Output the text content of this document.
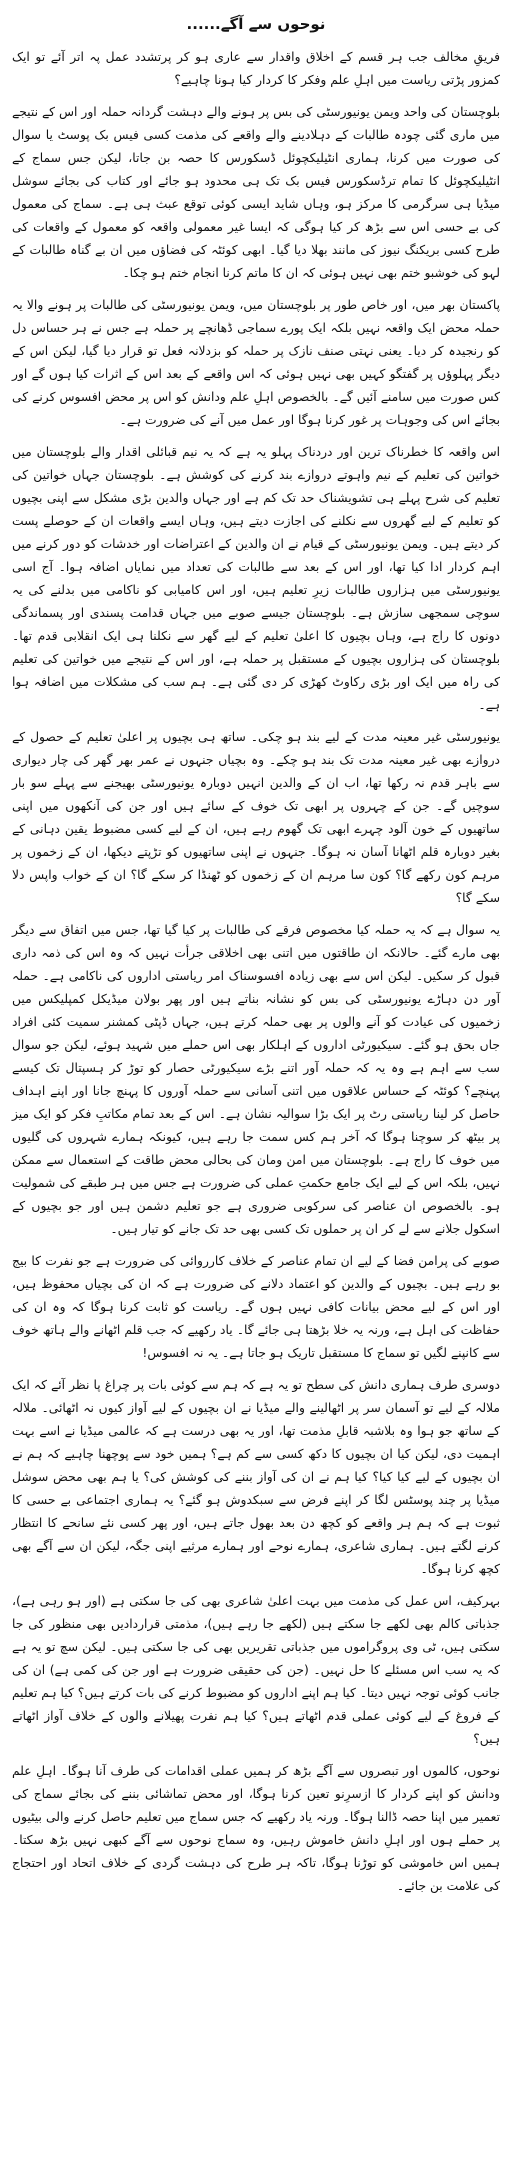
نوحوں سے آگے......

فریقِ مخالف جب ہر قسم کے اخلاق واقدار سے عاری ہو کر پرتشدد عمل پہ اتر آئے تو ایک کمزور پڑتی ریاست میں اہلِ علم وفکر کا کردار کیا ہونا چاہیے؟

بلوچستان کی واحد ویمن یونیورسٹی کی بس پر ہونے والے دہشت گردانہ حملہ اور اس کے نتیجے میں ماری گئی چودہ طالبات کے دہلادینے والے واقعے کی مذمت کسی فیس بک پوسٹ یا سوال کی صورت میں کرنا، ہماری انٹیلیکچوئل ڈسکورس کا حصہ بن جاتا، لیکن جس سماج کے انٹیلیکچوئل کا تمام ترڈسکورس فیس بک تک ہی محدود ہو جائے اور کتاب کی بجائے سوشل میڈیا ہی سرگرمی کا مرکز ہو، وہاں شاید ایسی کوئی توقع عبث ہی ہے۔ سماج کی معمول کی بے حسی اس سے بڑھ کر کیا ہوگی کہ ایسا غیر معمولی واقعہ کو معمول کے واقعات کی طرح کسی بریکنگ نیوز کی مانند بھلا دیا گیا۔ ابھی کوئٹہ کی فضاؤں میں ان بے گناہ طالبات کے لہو کی خوشبو ختم بھی نہیں ہوئی کہ ان کا ماتم کرنا انجام ختم ہو چکا۔

پاکستان بھر میں، اور خاص طور پر بلوچستان میں، ویمن یونیورسٹی کی طالبات پر ہونے والا یہ حملہ محض ایک واقعہ نہیں بلکہ ایک پورے سماجی ڈھانچے پر حملہ ہے جس نے ہر حساس دل کو رنجیدہ کر دیا۔ یعنی نہتی صنف نازک پر حملہ کو بزدلانہ فعل تو قرار دیا گیا، لیکن اس کے دیگر پہلوؤں پر گفتگو کہیں بھی نہیں ہوئی کہ اس واقعے کے بعد اس کے اثرات کیا ہوں گے اور کس صورت میں سامنے آئیں گے۔ بالخصوص اہلِ علم ودانش کو اس پر محض افسوس کرنے کی بجائے اس کی وجوہات پر غور کرنا ہوگا اور عمل میں آنے کی ضرورت ہے۔

اس واقعہ کا خطرناک ترین اور دردناک پہلو یہ ہے کہ یہ نیم قبائلی اقدار والے بلوچستان میں خواتین کی تعلیم کے نیم واہوتے دروازے بند کرنے کی کوشش ہے۔ بلوچستان جہاں خواتین کی تعلیم کی شرح پہلے ہی تشویشناک حد تک کم ہے اور جہاں والدین بڑی مشکل سے اپنی بچیوں کو تعلیم کے لیے گھروں سے نکلنے کی اجازت دیتے ہیں، وہاں ایسے واقعات ان کے حوصلے پست کر دیتے ہیں۔ ویمن یونیورسٹی کے قیام نے ان والدین کے اعتراضات اور خدشات کو دور کرنے میں اہم کردار ادا کیا تھا، اور اس کے بعد سے طالبات کی تعداد میں نمایاں اضافہ ہوا۔ آج اسی یونیورسٹی میں ہزاروں طالبات زیرِ تعلیم ہیں، اور اس کامیابی کو ناکامی میں بدلنے کی یہ سوچی سمجھی سازش ہے۔ بلوچستان جیسے صوبے میں جہاں قدامت پسندی اور پسماندگی دونوں کا راج ہے، وہاں بچیوں کا اعلیٰ تعلیم کے لیے گھر سے نکلنا ہی ایک انقلابی قدم تھا۔ بلوچستان کی ہزاروں بچیوں کے مستقبل پر حملہ ہے، اور اس کے نتیجے میں خواتین کی تعلیم کی راہ میں ایک اور بڑی رکاوٹ کھڑی کر دی گئی ہے۔ ہم سب کی مشکلات میں اضافہ ہوا ہے۔

یونیورسٹی غیر معینہ مدت کے لیے بند ہو چکی۔ ساتھ ہی بچیوں پر اعلیٰ تعلیم کے حصول کے دروازے بھی غیر معینہ مدت تک بند ہو چکے۔ وہ بچیاں جنہوں نے عمر بھر گھر کی چار دیواری سے باہر قدم نہ رکھا تھا، اب ان کے والدین انہیں دوبارہ یونیورسٹی بھیجنے سے پہلے سو بار سوچیں گے۔ جن کے چہروں پر ابھی تک خوف کے سائے ہیں اور جن کی آنکھوں میں اپنی ساتھیوں کے خون آلود چہرے ابھی تک گھوم رہے ہیں، ان کے لیے کسی مضبوط یقین دہانی کے بغیر دوبارہ قلم اٹھانا آسان نہ ہوگا۔ جنہوں نے اپنی ساتھیوں کو تڑپتے دیکھا، ان کے زخموں پر مرہم کون رکھے گا؟ کون سا مرہم ان کے زخموں کو ٹھنڈا کر سکے گا؟ ان کے خواب واپس دلا سکے گا؟

یہ سوال ہے کہ یہ حملہ کیا مخصوص فرقے کی طالبات پر کیا گیا تھا، جس میں اتفاق سے دیگر بھی مارے گئے۔ حالانکہ ان طاقتوں میں اتنی بھی اخلاقی جرأت نہیں کہ وہ اس کی ذمہ داری قبول کر سکیں۔ لیکن اس سے بھی زیادہ افسوسناک امر ریاستی اداروں کی ناکامی ہے۔ حملہ آور دن دہاڑے یونیورسٹی کی بس کو نشانہ بناتے ہیں اور پھر بولان میڈیکل کمپلیکس میں زخمیوں کی عیادت کو آنے والوں پر بھی حملہ کرتے ہیں، جہاں ڈپٹی کمشنر سمیت کئی افراد جاں بحق ہو گئے۔ سیکیورٹی اداروں کے اہلکار بھی اس حملے میں شہید ہوئے، لیکن جو سوال سب سے اہم ہے وہ یہ کہ حملہ آور اتنے بڑے سیکیورٹی حصار کو توڑ کر ہسپتال تک کیسے پہنچے؟ کوئٹہ کے حساس علاقوں میں اتنی آسانی سے حملہ آوروں کا پہنچ جانا اور اپنے اہداف حاصل کر لینا ریاستی رٹ پر ایک بڑا سوالیہ نشان ہے۔ اس کے بعد تمام مکاتبِ فکر کو ایک میز پر بیٹھ کر سوچنا ہوگا کہ آخر ہم کس سمت جا رہے ہیں، کیونکہ ہمارے شہروں کی گلیوں میں خوف کا راج ہے۔ بلوچستان میں امن ومان کی بحالی محض طاقت کے استعمال سے ممکن نہیں، بلکہ اس کے لیے ایک جامع حکمتِ عملی کی ضرورت ہے جس میں ہر طبقے کی شمولیت ہو۔ بالخصوص ان عناصر کی سرکوبی ضروری ہے جو تعلیم دشمن ہیں اور جو بچیوں کے اسکول جلانے سے لے کر ان پر حملوں تک کسی بھی حد تک جانے کو تیار ہیں۔

صوبے کی پرامن فضا کے لیے ان تمام عناصر کے خلاف کارروائی کی ضرورت ہے جو نفرت کا بیج بو رہے ہیں۔ بچیوں کے والدین کو اعتماد دلانے کی ضرورت ہے کہ ان کی بچیاں محفوظ ہیں، اور اس کے لیے محض بیانات کافی نہیں ہوں گے۔ ریاست کو ثابت کرنا ہوگا کہ وہ ان کی حفاظت کی اہل ہے، ورنہ یہ خلا بڑھتا ہی جائے گا۔ یاد رکھیے کہ جب قلم اٹھانے والے ہاتھ خوف سے کانپنے لگیں تو سماج کا مستقبل تاریک ہو جاتا ہے۔ یہ نہ افسوس!

دوسری طرف ہماری دانش کی سطح تو یہ ہے کہ ہم سے کوئی بات پر چراغ پا نظر آئے کہ ایک ملالہ کے لیے تو آسمان سر پر اٹھالینے والے میڈیا نے ان بچیوں کے لیے آواز کیوں نہ اٹھائی۔ ملالہ کے ساتھ جو ہوا وہ بلاشبہ قابلِ مذمت تھا، اور یہ بھی درست ہے کہ عالمی میڈیا نے اسے بہت اہمیت دی، لیکن کیا ان بچیوں کا دکھ کسی سے کم ہے؟ ہمیں خود سے پوچھنا چاہیے کہ ہم نے ان بچیوں کے لیے کیا کیا؟ کیا ہم نے ان کی آواز بننے کی کوشش کی؟ یا ہم بھی محض سوشل میڈیا پر چند پوسٹس لگا کر اپنے فرض سے سبکدوش ہو گئے؟ یہ ہماری اجتماعی بے حسی کا ثبوت ہے کہ ہم ہر واقعے کو کچھ دن بعد بھول جاتے ہیں، اور پھر کسی نئے سانحے کا انتظار کرنے لگتے ہیں۔ ہماری شاعری، ہمارے نوحے اور ہمارے مرثیے اپنی جگہ، لیکن ان سے آگے بھی کچھ کرنا ہوگا۔

بہرکیف، اس عمل کی مذمت میں بہت اعلیٰ شاعری بھی کی جا سکتی ہے (اور ہو رہی ہے)، جذباتی کالم بھی لکھے جا سکتے ہیں (لکھے جا رہے ہیں)، مذمتی قراردادیں بھی منظور کی جا سکتی ہیں، ٹی وی پروگراموں میں جذباتی تقریریں بھی کی جا سکتی ہیں۔ لیکن سچ تو یہ ہے کہ یہ سب اس مسئلے کا حل نہیں۔ (جن کی حقیقی ضرورت ہے اور جن کی کمی ہے) ان کی جانب کوئی توجہ نہیں دیتا۔ کیا ہم اپنے اداروں کو مضبوط کرنے کی بات کرتے ہیں؟ کیا ہم تعلیم کے فروغ کے لیے کوئی عملی قدم اٹھاتے ہیں؟ کیا ہم نفرت پھیلانے والوں کے خلاف آواز اٹھاتے ہیں؟

نوحوں، کالموں اور تبصروں سے آگے بڑھ کر ہمیں عملی اقدامات کی طرف آنا ہوگا۔ اہلِ علم ودانش کو اپنے کردار کا ازسرِنو تعین کرنا ہوگا، اور محض تماشائی بننے کی بجائے سماج کی تعمیر میں اپنا حصہ ڈالنا ہوگا۔ ورنہ یاد رکھیے کہ جس سماج میں تعلیم حاصل کرنے والی بیٹیوں پر حملے ہوں اور اہلِ دانش خاموش رہیں، وہ سماج نوحوں سے آگے کبھی نہیں بڑھ سکتا۔ ہمیں اس خاموشی کو توڑنا ہوگا، تاکہ ہر طرح کی دہشت گردی کے خلاف اتحاد اور احتجاج کی علامت بن جائے۔
